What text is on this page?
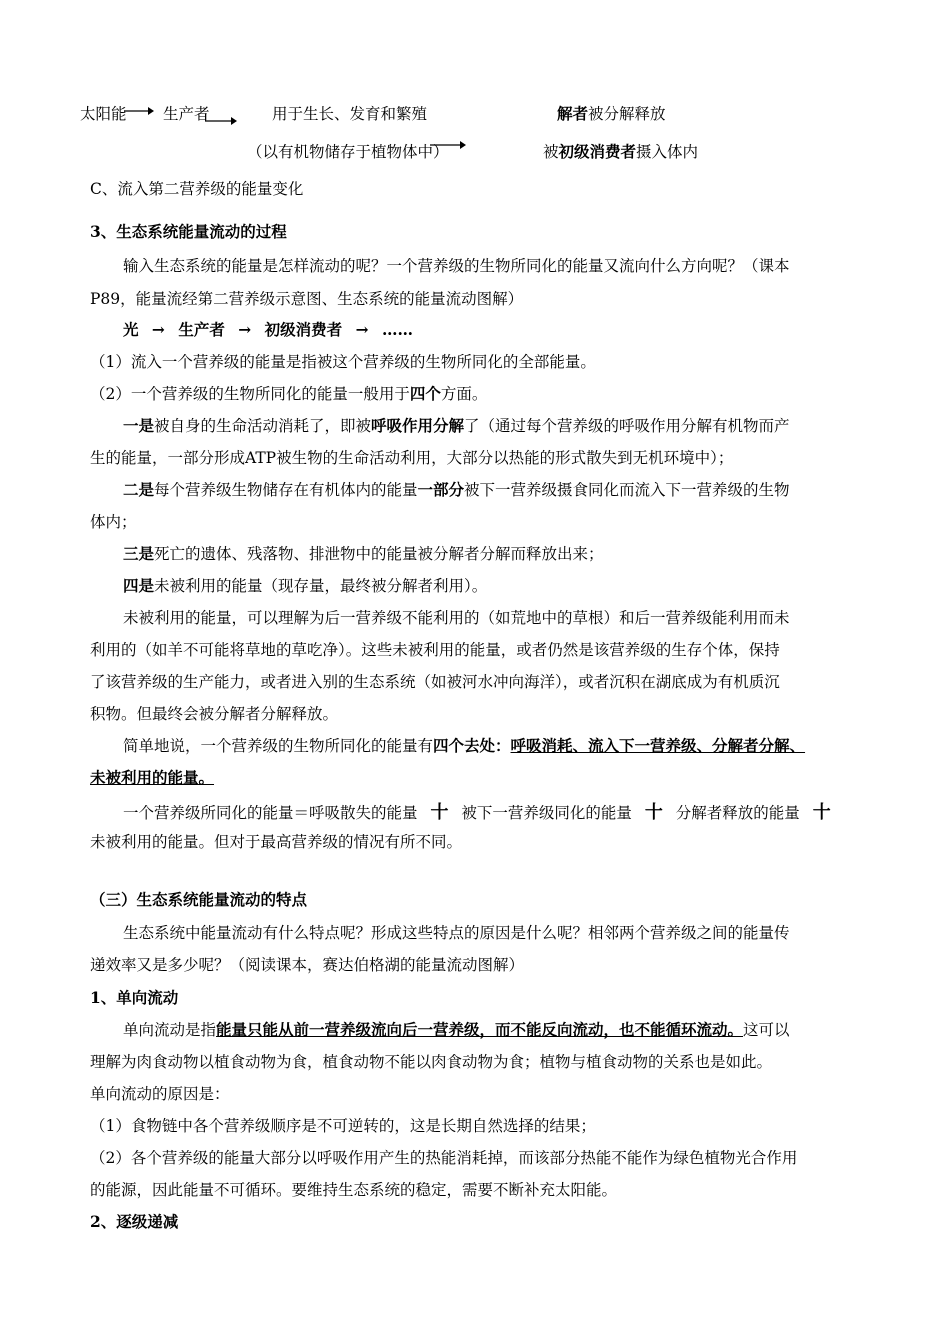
太阳能 生产者	用于生长、发育和繁殖
（以有机物储存于植物体中）
解者被分解释放
被初级消费者摄入体内
C、流入第二营养级的能量变化
3、生态系统能量流动的过程
输入生态系统的能量是怎样流动的呢？一个营养级的生物所同化的能量又流向什么方向呢？（课本
P89，能量流经第二营养级示意图、生态系统的能量流动图解）
光 → 生产者 → 初级消费者 → ……
（1）流入一个营养级的能量是指被这个营养级的生物所同化的全部能量。
（2）一个营养级的生物所同化的能量一般用于四个方面。
一是被自身的生命活动消耗了，即被呼吸作用分解了（通过每个营养级的呼吸作用分解有机物而产
生的能量，一部分形成ATP被生物的生命活动利用，大部分以热能的形式散失到无机环境中）；
二是每个营养级生物储存在有机体内的能量一部分被下一营养级摄食同化而流入下一营养级的生物
体内；
三是死亡的遗体、残落物、排泄物中的能量被分解者分解而释放出来；
四是未被利用的能量（现存量，最终被分解者利用）。
未被利用的能量，可以理解为后一营养级不能利用的（如荒地中的草根）和后一营养级能利用而未
利用的（如羊不可能将草地的草吃净）。这些未被利用的能量，或者仍然是该营养级的生存个体，保持
了该营养级的生产能力，或者进入别的生态系统（如被河水冲向海洋），或者沉积在湖底成为有机质沉
积物。但最终会被分解者分解释放。
简单地说，一个营养级的生物所同化的能量有四个去处：呼吸消耗、流入下一营养级、分解者分解、
未被利用的能量。
一个营养级所同化的能量＝呼吸散失的能量 十 被下一营养级同化的能量 十 分解者释放的能量 十
未被利用的能量。但对于最高营养级的情况有所不同。
（三）生态系统能量流动的特点
生态系统中能量流动有什么特点呢？形成这些特点的原因是什么呢？相邻两个营养级之间的能量传
递效率又是多少呢？（阅读课本，赛达伯格湖的能量流动图解）
1、单向流动
单向流动是指能量只能从前一营养级流向后一营养级，而不能反向流动，也不能循环流动。这可以
理解为肉食动物以植食动物为食，植食动物不能以肉食动物为食；植物与植食动物的关系也是如此。
单向流动的原因是：
（1）食物链中各个营养级顺序是不可逆转的，这是长期自然选择的结果；
（2）各个营养级的能量大部分以呼吸作用产生的热能消耗掉，而该部分热能不能作为绿色植物光合作用
的能源，因此能量不可循环。要维持生态系统的稳定，需要不断补充太阳能。
2、逐级递减
